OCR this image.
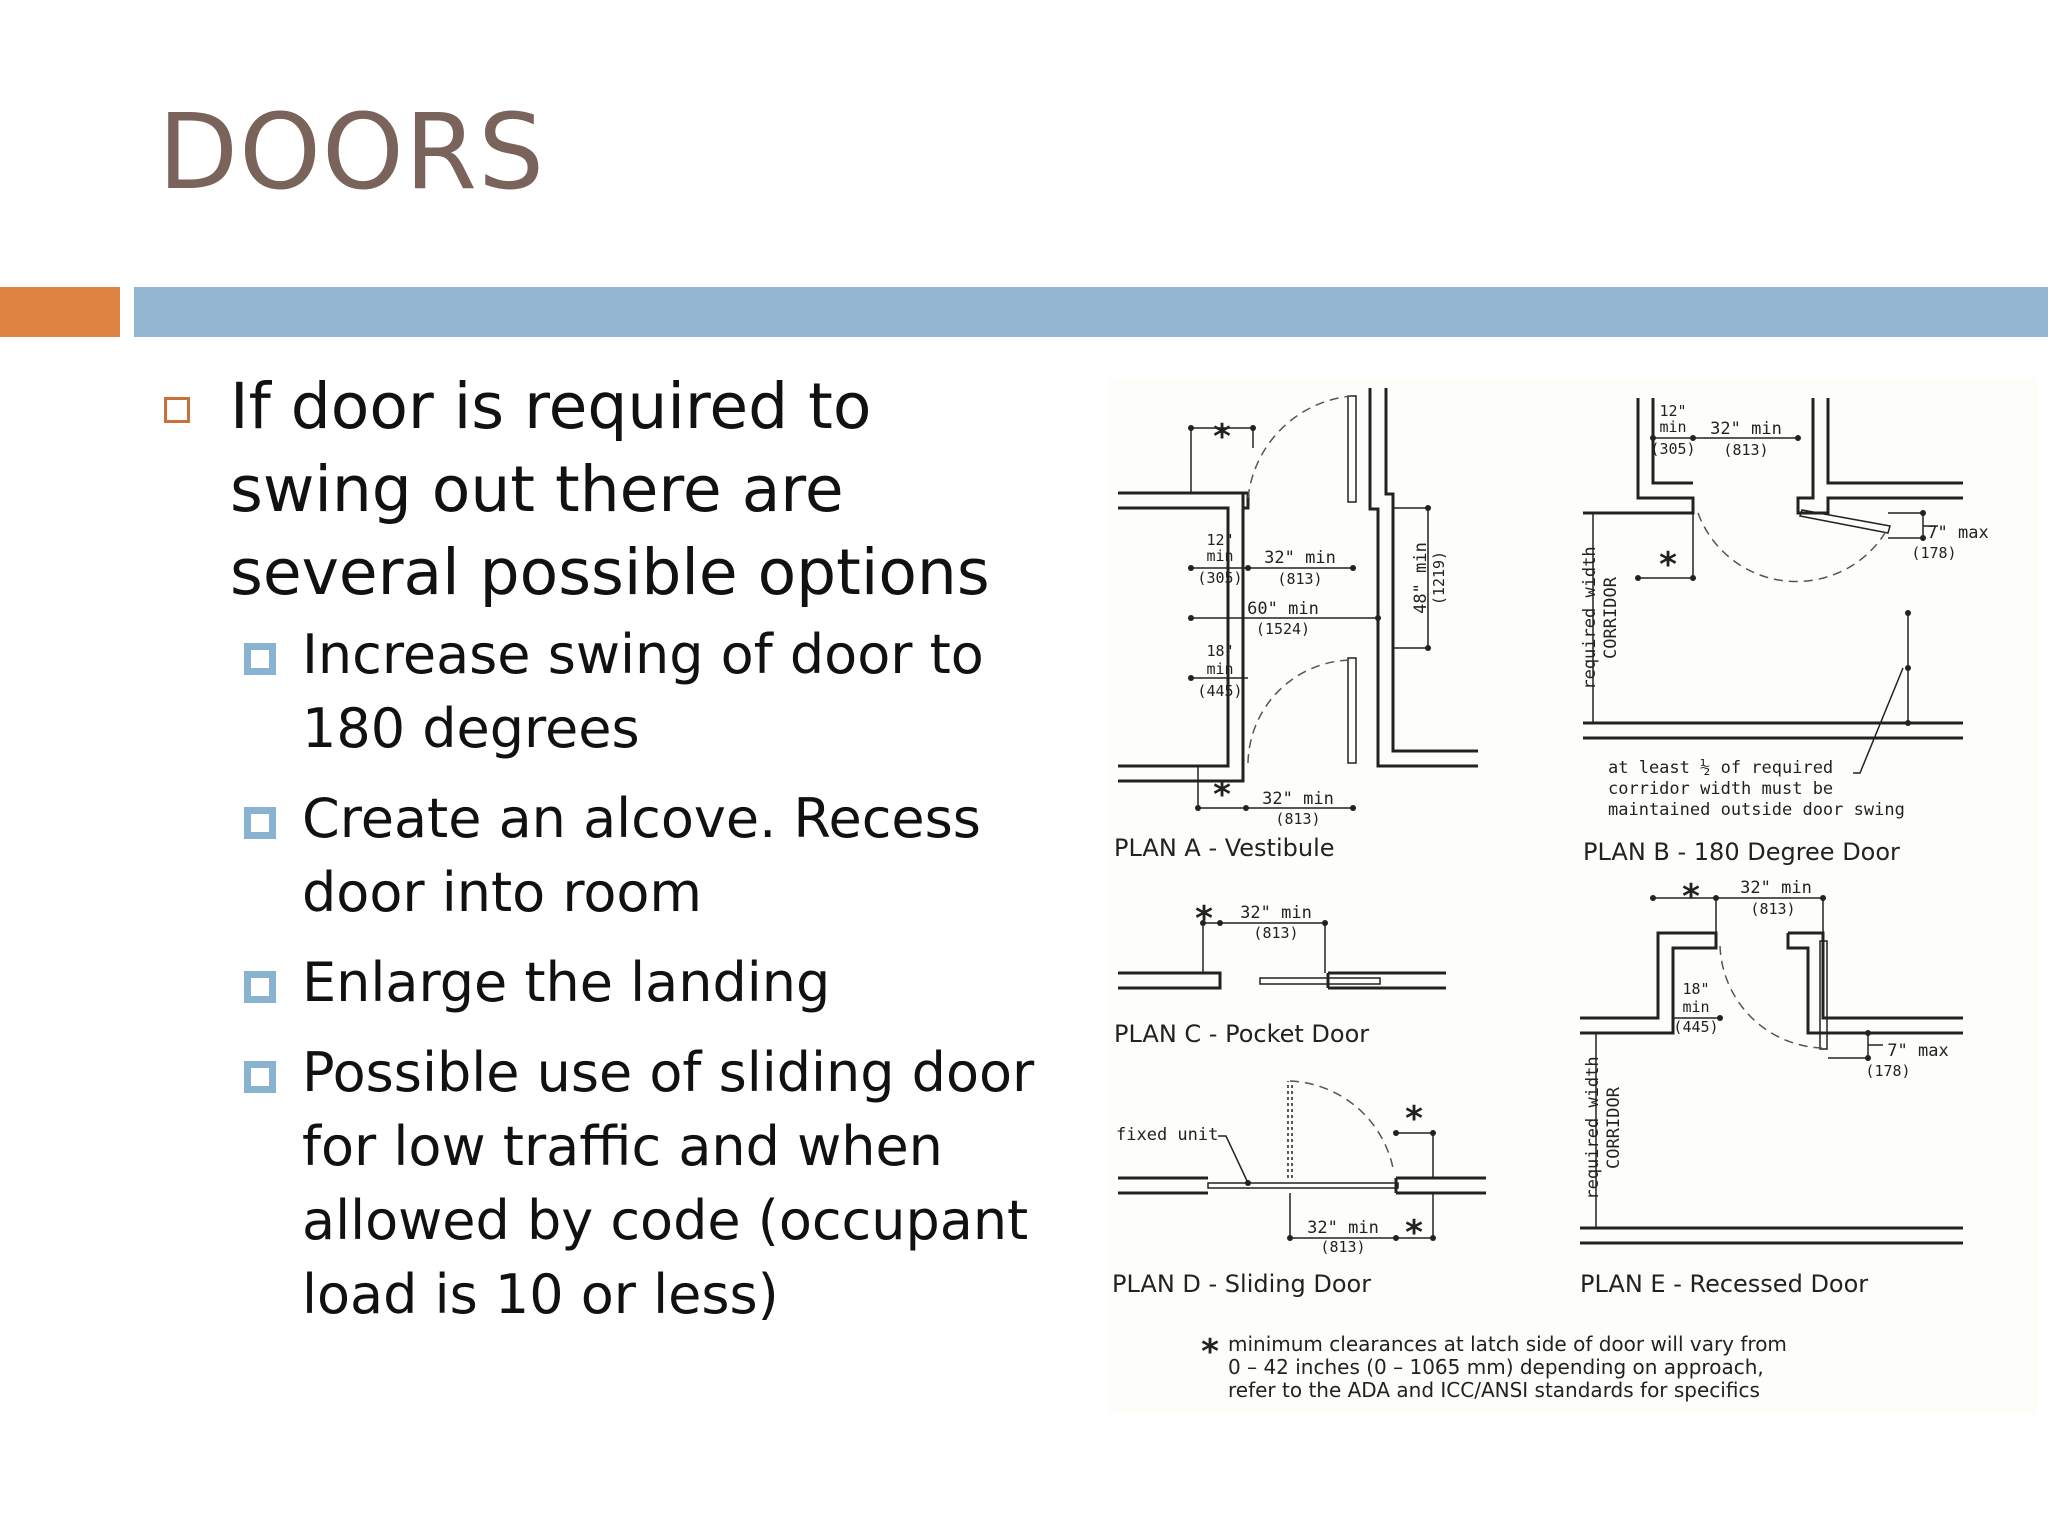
DOORS
If door is required to swing out there are several possible options
Increase swing of door to 180 degrees
Create an alcove. Recess door into room
Enlarge the landing
Possible use of sliding door for low traffic and when allowed by code (occupant load is 10 or less)
*
*
12"
min
(305)
32" min
(813)
60" min
(1524)
18"
min
(445)
32" min
(813)
48" min (1219)
PLAN A - Vestibule
*
12"
min
(305)
32" min
(813)
7" max
(178)
required width CORRIDOR
at least ½ of required
corridor width must be
maintained outside door swing
PLAN B - 180 Degree Door
* 32" min
(813)
PLAN C - Pocket Door
*
*
fixed unit
32" min
(813)
PLAN D - Sliding Door
* 32" min
(813)
18"
min
(445)
7" max
(178)
required width CORRIDOR
PLAN E - Recessed Door
* minimum clearances at latch side of door will vary from
0 – 42 inches (0 – 1065 mm) depending on approach,
refer to the ADA and ICC/ANSI standards for specifics
